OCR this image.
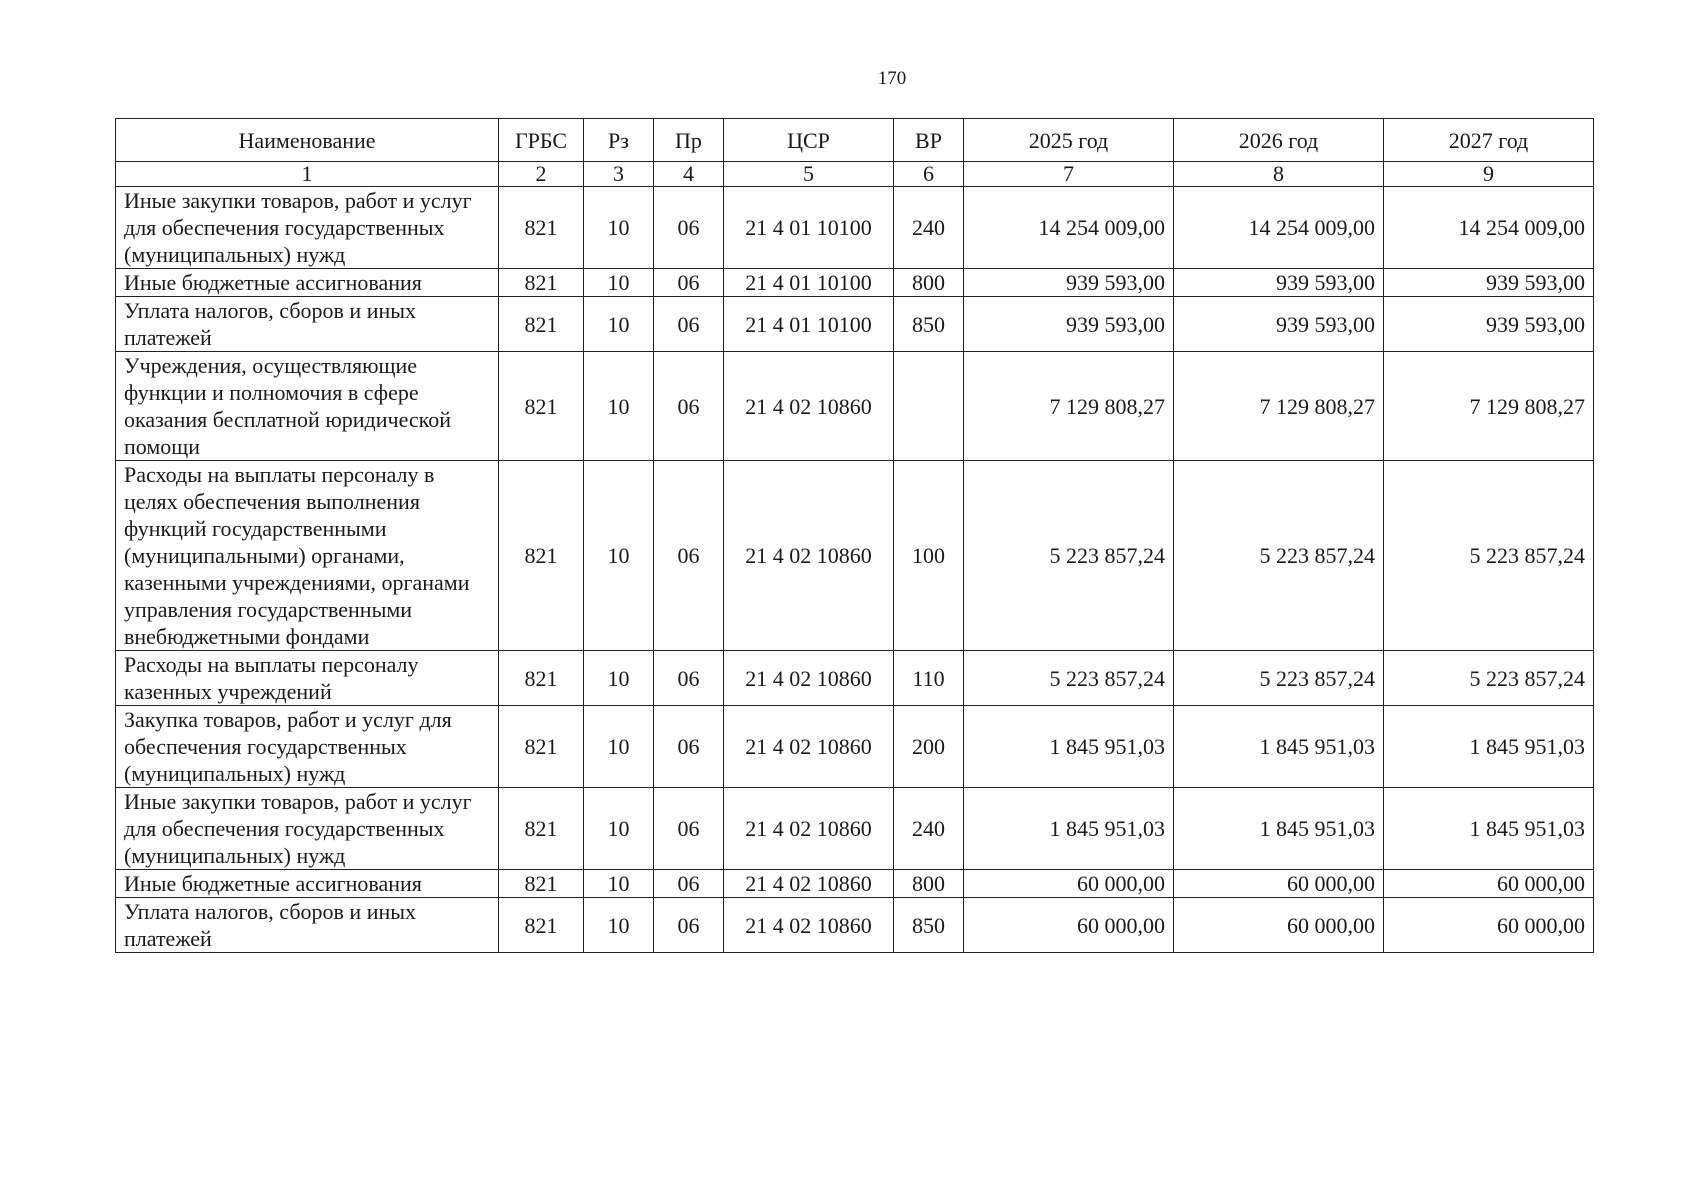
170
Наименование	ГРБС	Рз	Пр	ЦСР	ВР	2025 год	2026 год	2027 год
1	2	3	4	5	6	7	8	9
Иные закупки товаров, работ и услуг для обеспечения государственных (муниципальных) нужд	821	10	06	21 4 01 10100	240	14 254 009,00	14 254 009,00	14 254 009,00
Иные бюджетные ассигнования	821	10	06	21 4 01 10100	800	939 593,00	939 593,00	939 593,00
Уплата налогов, сборов и иных платежей	821	10	06	21 4 01 10100	850	939 593,00	939 593,00	939 593,00
Учреждения, осуществляющие функции и полномочия в сфере оказания бесплатной юридической помощи	821	10	06	21 4 02 10860		7 129 808,27	7 129 808,27	7 129 808,27
Расходы на выплаты персоналу в целях обеспечения выполнения функций государственными (муниципальными) органами, казенными учреждениями, органами управления государственными внебюджетными фондами	821	10	06	21 4 02 10860	100	5 223 857,24	5 223 857,24	5 223 857,24
Расходы на выплаты персоналу казенных учреждений	821	10	06	21 4 02 10860	110	5 223 857,24	5 223 857,24	5 223 857,24
Закупка товаров, работ и услуг для обеспечения государственных (муниципальных) нужд	821	10	06	21 4 02 10860	200	1 845 951,03	1 845 951,03	1 845 951,03
Иные закупки товаров, работ и услуг для обеспечения государственных (муниципальных) нужд	821	10	06	21 4 02 10860	240	1 845 951,03	1 845 951,03	1 845 951,03
Иные бюджетные ассигнования	821	10	06	21 4 02 10860	800	60 000,00	60 000,00	60 000,00
Уплата налогов, сборов и иных платежей	821	10	06	21 4 02 10860	850	60 000,00	60 000,00	60 000,00
